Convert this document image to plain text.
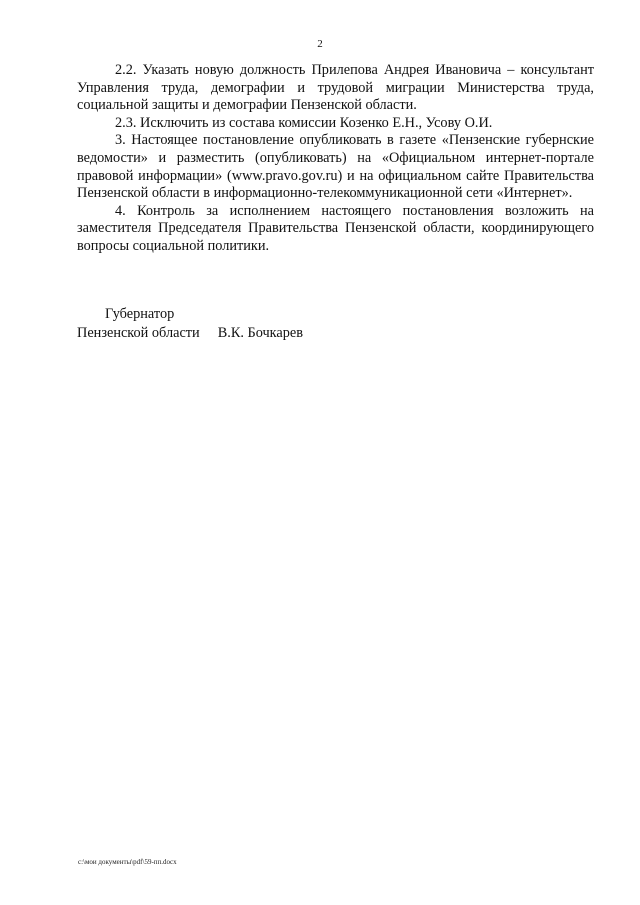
2

2.2. Указать новую должность Прилепова Андрея Ивановича – консультант Управления труда, демографии и трудовой миграции Министерства труда, социальной защиты и демографии Пензенской области.

2.3. Исключить из состава комиссии Козенко Е.Н., Усову О.И.

3. Настоящее постановление опубликовать в газете «Пензенские губернские ведомости» и разместить (опубликовать) на «Официальном интернет-портале правовой информации» (www.pravo.gov.ru) и на официальном сайте Правительства Пензенской области в информационно-телекоммуникационной сети «Интернет».

4. Контроль за исполнением настоящего постановления возложить на заместителя Председателя Правительства Пензенской области, координирующего вопросы социальной политики.

Губернатор
Пензенской области В.К. Бочкарев
c:\мои документы\pdf\59-пп.docx
